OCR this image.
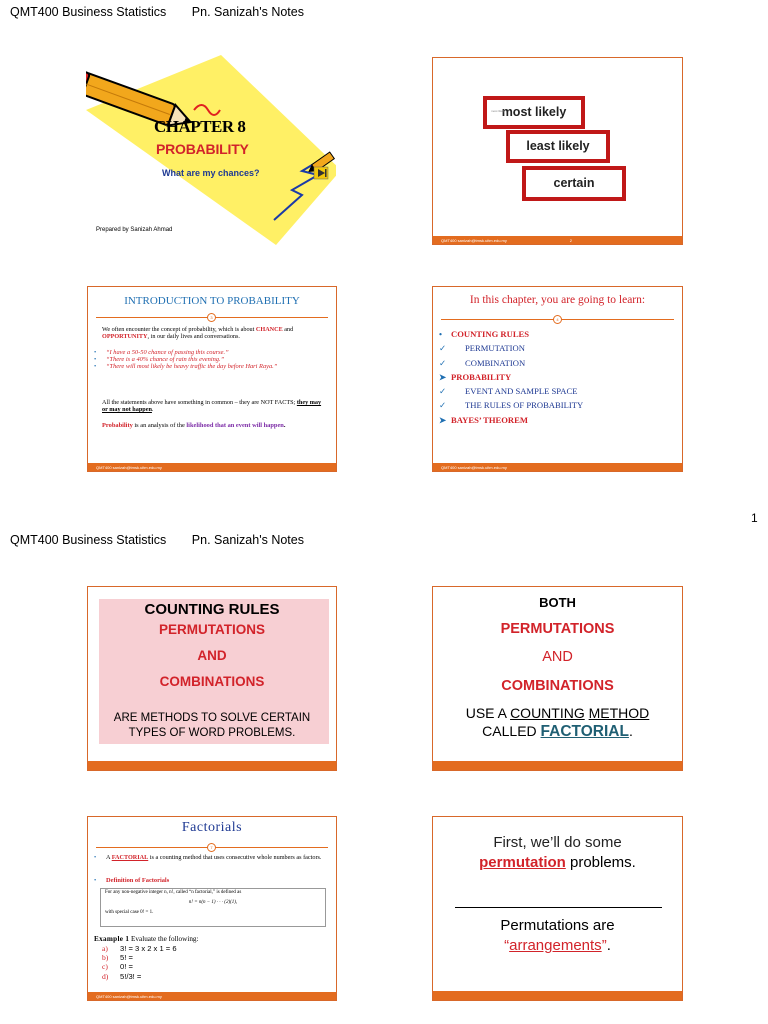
QMT400 Business Statistics Pn. Sanizah's Notes
CHAPTER 8
PROBABILITY
What are my chances?
Prepared by Sanizah Ahmad
most likely
most likely
least likely
certain
QMT400 sanizah@tmsk.uitm.edu.my	2
INTRODUCTION TO PROBABILITY
3
We often encounter the concept of probability, which is about CHANCE and OPPORTUNITY, in our daily lives and conversations.
• “I have a 50-50 chance of passing this course.”
• “There is a 40% chance of rain this evening.”
• “There will most likely be heavy traffic the day before Hari Raya.”
All the statements above have something in common – they are NOT FACTS; they may or may not happen.
Probability is an analysis of the likelihood that an event will happen.
QMT400 sanizah@tmsk.uitm.edu.my
In this chapter, you are going to learn:
4
• COUNTING RULES
✓ PERMUTATION
✓ COMBINATION
➤ PROBABILITY
✓ EVENT AND SAMPLE SPACE
✓ THE RULES OF PROBABILITY
➤ BAYES’ THEOREM
QMT400 sanizah@tmsk.uitm.edu.my
1
QMT400 Business Statistics Pn. Sanizah's Notes
COUNTING RULES
PERMUTATIONS
AND
COMBINATIONS
ARE METHODS TO SOLVE CERTAIN TYPES OF WORD PROBLEMS.
BOTH
PERMUTATIONS
AND
COMBINATIONS
USE A COUNTING METHOD
CALLED FACTORIAL.
Factorials
7
• A FACTORIAL is a counting method that uses consecutive whole numbers as factors.
• Definition of Factorials
For any non-negative integer n, n!, called “n factorial,” is defined as
n! = n(n − 1) · · · (2)(1),
with special case 0! = 1.
Example 1 Evaluate the following:
a) 3! = 3 x 2 x 1 = 6
b) 5! =
c) 0! =
d) 5!/3! =
QMT400 sanizah@tmsk.uitm.edu.my
First, we’ll do some
permutation problems.
Permutations are
“arrangements”.
